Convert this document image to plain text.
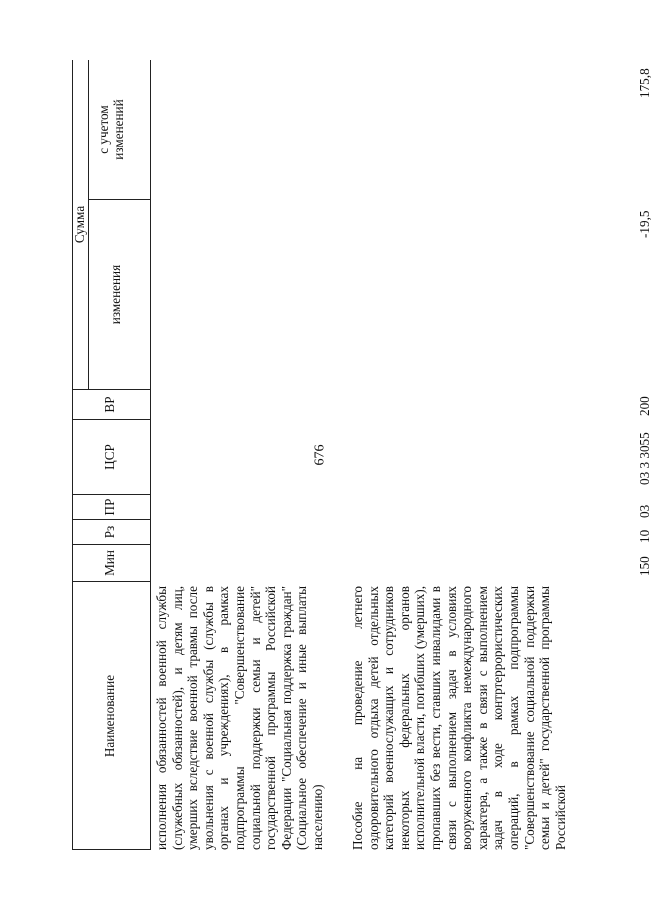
676
Наименование
Мин
Рз
ПР
ЦСР
ВР
Сумма
изменения
с учетом изменений
исполнения обязанностей военной службы (служебных обязанностей), и детям лиц, умерших вследствие военной травмы после увольнения с военной службы (службы в органах и учреждениях), в рамках подпрограммы "Совершенствование социальной поддержки семьи и детей" государственной программы Российской Федерации "Социальная поддержка граждан" (Социальное обеспечение и иные выплаты населению) Пособие на проведение летнего оздоровительного отдыха детей отдельных категорий военнослужащих и сотрудников некоторых федеральных органов исполнительной власти, погибших (умерших), пропавших без вести, ставших инвалидами в связи с выполнением задач в условиях вооруженного конфликта немеждународного характера, а также в связи с выполнением задач в ходе контртеррористических операций, в рамках подпрограммы "Совершенствование социальной поддержки семьи и детей" государственной программы Российской
150
10
03
03 3 3055
200
-19,5
175,8
